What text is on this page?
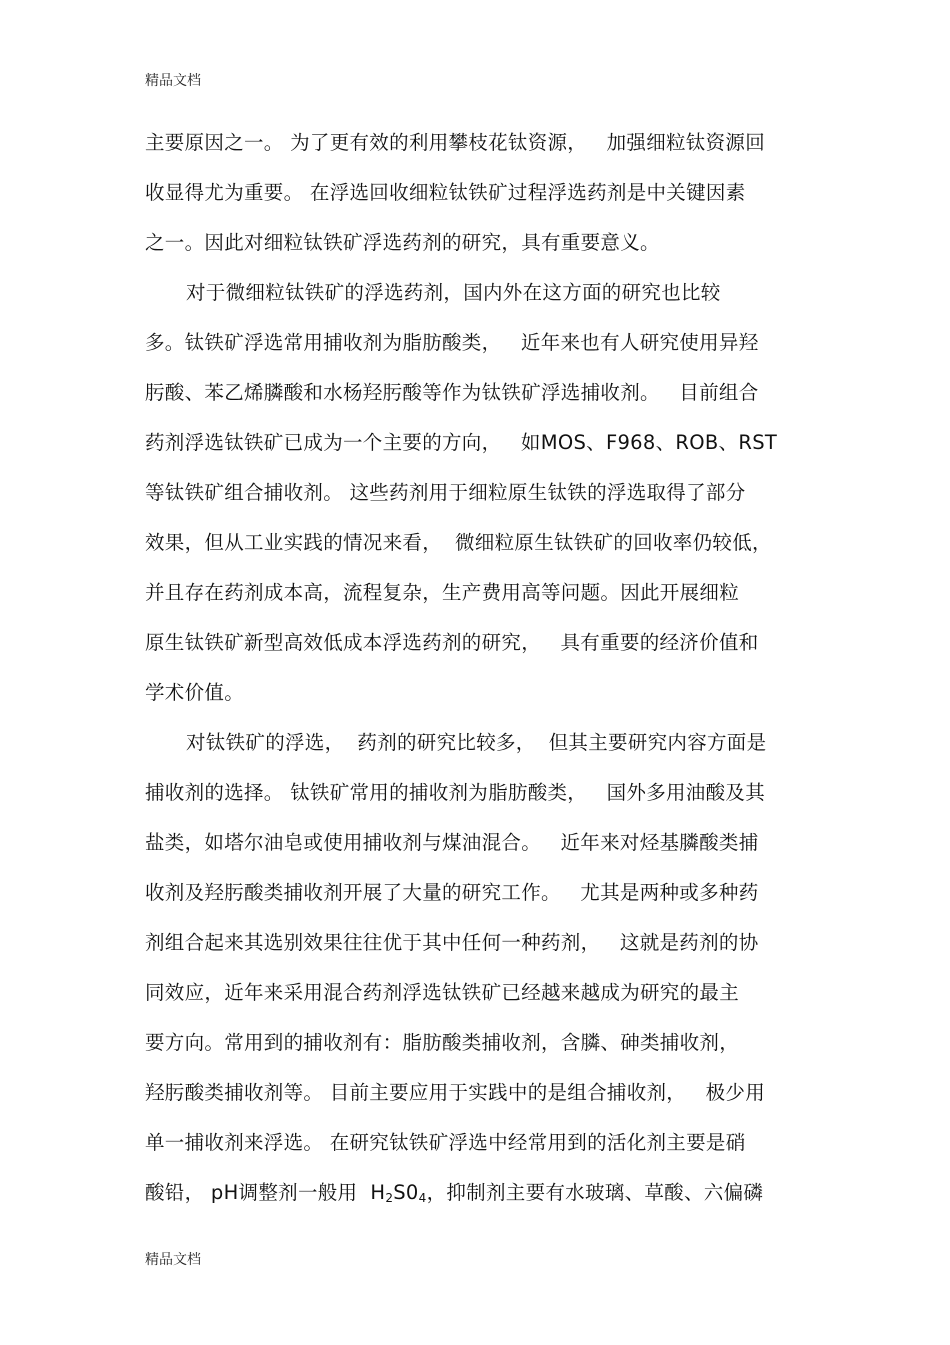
精品文档
主要原因之一。 为了更有效的利用攀枝花钛资源，   加强细粒钛资源回
收显得尤为重要。 在浮选回收细粒钛铁矿过程浮选药剂是中关键因素
之一。因此对细粒钛铁矿浮选药剂的研究，具有重要意义。
对于微细粒钛铁矿的浮选药剂，国内外在这方面的研究也比较
多。钛铁矿浮选常用捕收剂为脂肪酸类，   近年来也有人研究使用异羟
肟酸、苯乙烯膦酸和水杨羟肟酸等作为钛铁矿浮选捕收剂。   目前组合
药剂浮选钛铁矿已成为一个主要的方向，   如MOS、F968、ROB、RST
等钛铁矿组合捕收剂。 这些药剂用于细粒原生钛铁的浮选取得了部分
效果，但从工业实践的情况来看，  微细粒原生钛铁矿的回收率仍较低，
并且存在药剂成本高，流程复杂，生产费用高等问题。因此开展细粒
原生钛铁矿新型高效低成本浮选药剂的研究，   具有重要的经济价值和
学术价值。
对钛铁矿的浮选，  药剂的研究比较多，  但其主要研究内容方面是
捕收剂的选择。 钛铁矿常用的捕收剂为脂肪酸类，   国外多用油酸及其
盐类，如塔尔油皂或使用捕收剂与煤油混合。   近年来对烃基膦酸类捕
收剂及羟肟酸类捕收剂开展了大量的研究工作。   尤其是两种或多种药
剂组合起来其选别效果往往优于其中任何一种药剂，   这就是药剂的协
同效应，近年来采用混合药剂浮选钛铁矿已经越来越成为研究的最主
要方向。常用到的捕收剂有：脂肪酸类捕收剂，含膦、砷类捕收剂，
羟肟酸类捕收剂等。 目前主要应用于实践中的是组合捕收剂，   极少用
单一捕收剂来浮选。 在研究钛铁矿浮选中经常用到的活化剂主要是硝
酸铅， pH调整剂一般用  $H_2S0_4$，抑制剂主要有水玻璃、草酸、六偏磷
精品文档
